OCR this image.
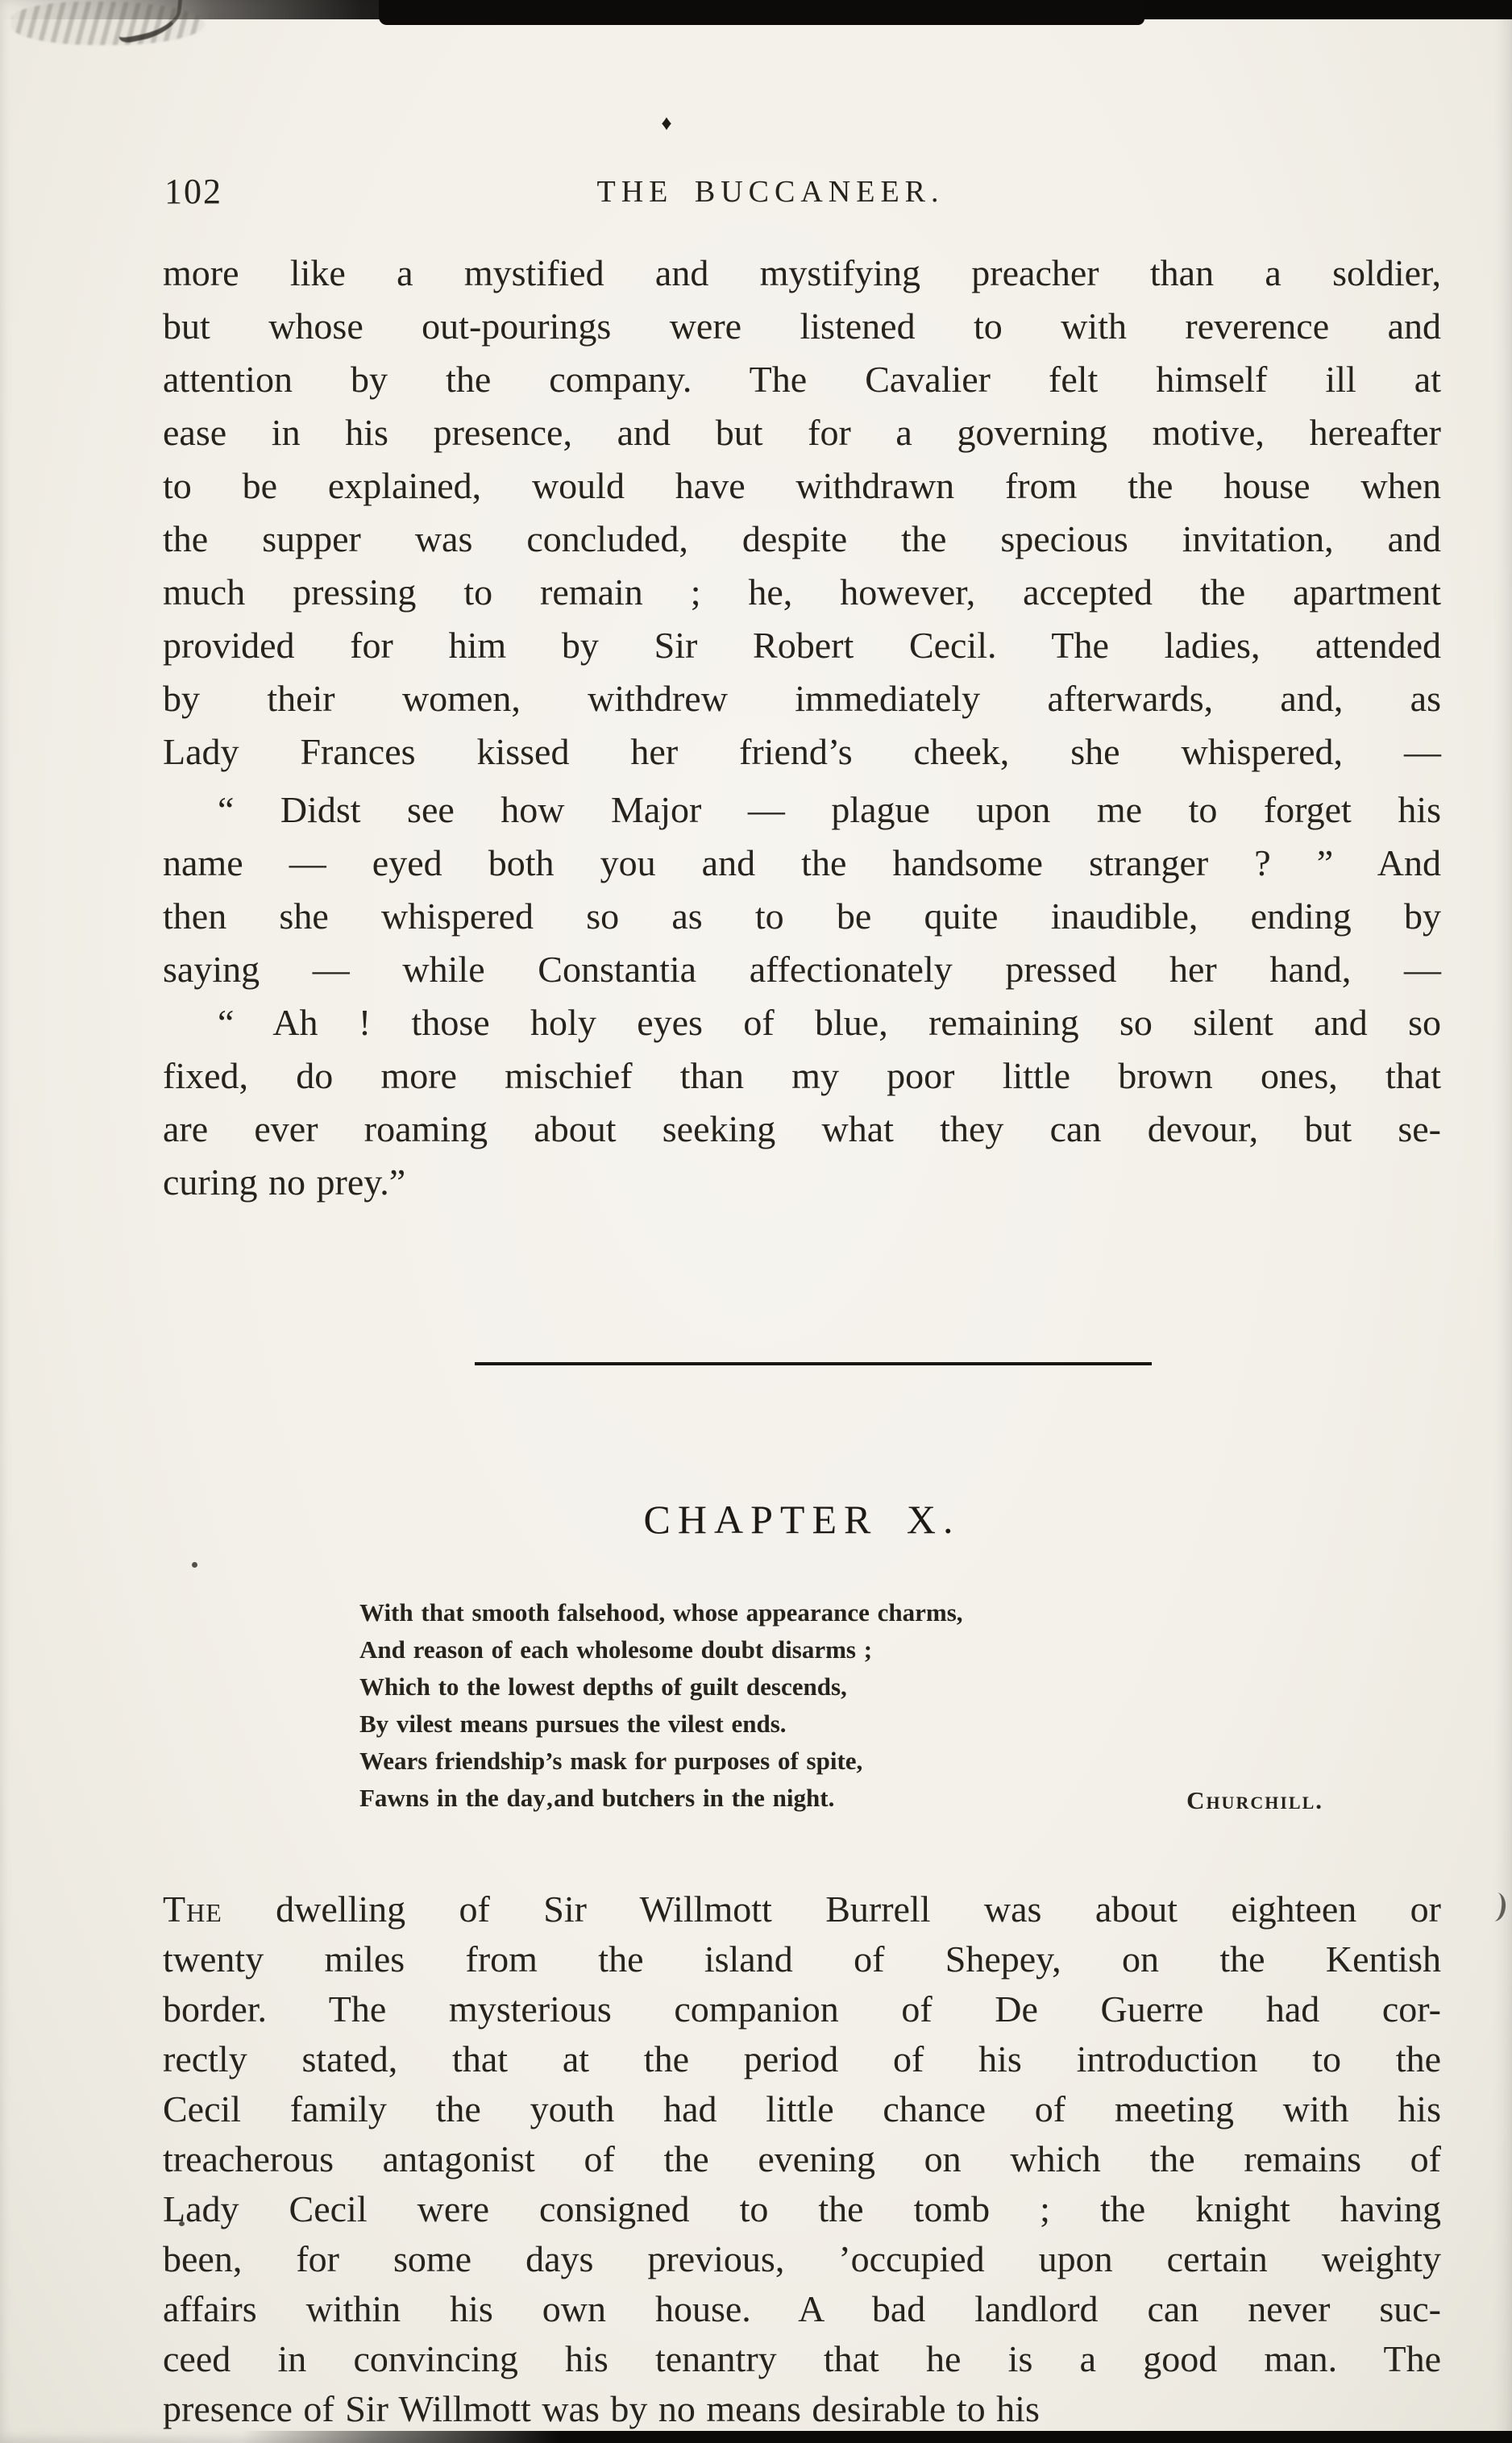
♦
102	THE BUCCANEER.
more like a mystified and mystifying preacher than a soldier,
but whose out-pourings were listened to with reverence and
attention by the company. The Cavalier felt himself ill at
ease in his presence, and but for a governing motive, hereafter
to be explained, would have withdrawn from the house when
the supper was concluded, despite the specious invitation, and
much pressing to remain ; he, however, accepted the apartment
provided for him by Sir Robert Cecil. The ladies, attended
by their women, withdrew immediately afterwards, and, as
Lady Frances kissed her friend’s cheek, she whispered, —
“ Didst see how Major — plague upon me to forget his
name — eyed both you and the handsome stranger ? ” And
then she whispered so as to be quite inaudible, ending by
saying — while Constantia affectionately pressed her hand, —
“ Ah ! those holy eyes of blue, remaining so silent and so
fixed, do more mischief than my poor little brown ones, that
are ever roaming about seeking what they can devour, but se-
curing no prey.”
CHAPTER X.
Churchill.
With that smooth falsehood, whose appearance charms,
And reason of each wholesome doubt disarms ;
Which to the lowest depths of guilt descends,
By vilest means pursues the vilest ends.
Wears friendship’s mask for purposes of spite,
Fawns in the day‚and butchers in the night.
The dwelling of Sir Willmott Burrell was about eighteen or
twenty miles from the island of Shepey, on the Kentish
border. The mysterious companion of De Guerre had cor-
rectly stated, that at the period of his introduction to the
Cecil family the youth had little chance of meeting with his
treacherous antagonist of the evening on which the remains of
Lady Cecil were consigned to the tomb ; the knight having
been, for some days previous, ’occupied upon certain weighty
affairs within his own house. A bad landlord can never suc-
ceed in convincing his tenantry that he is a good man. The
presence of Sir Willmott was by no means desirable to his
